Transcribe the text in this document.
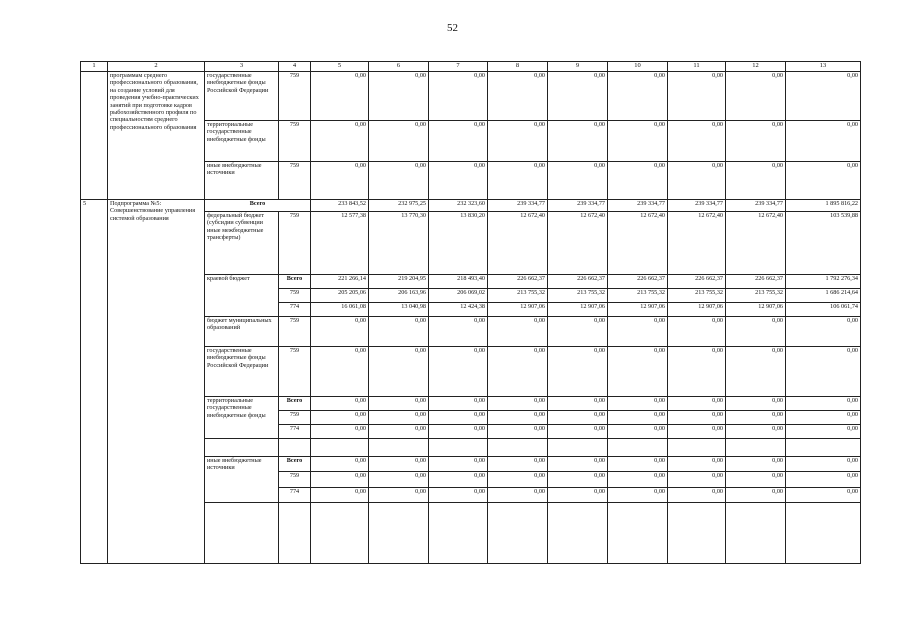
52
1	2	3	4	5	6	7	8	9	10	11	12	13
	программам среднего профессионального образования, на создание условий для проведения учебно-практических занятий при подготовке кадров рыбохозяйственного профиля по специальностям среднего профессионального образования	государственные внебюджетные фонды Российской Федерации	759	0,00	0,00	0,00	0,00	0,00	0,00	0,00	0,00	0,00
		территориальные государственные внебюджетные фонды	759	0,00	0,00	0,00	0,00	0,00	0,00	0,00	0,00	0,00
		иные внебюджетные источники	759	0,00	0,00	0,00	0,00	0,00	0,00	0,00	0,00	0,00
5	Подпрограмма №5: Совершенствование управления системой образования	Всего		233 843,52	232 975,25	232 323,60	239 334,77	239 334,77	239 334,77	239 334,77	239 334,77	1 895 816,22
		федеральный бюджет (субсидии субвенции иные межбюджетные трансферты)	759	12 577,38	13 770,30	13 830,20	12 672,40	12 672,40	12 672,40	12 672,40	12 672,40	103 539,88
		краевой бюджет	Всего	221 266,14	219 204,95	218 493,40	226 662,37	226 662,37	226 662,37	226 662,37	226 662,37	1 792 276,34
			759	205 205,06	206 163,96	206 069,02	213 755,32	213 755,32	213 755,32	213 755,32	213 755,32	1 686 214,64
			774	16 061,08	13 040,98	12 424,38	12 907,06	12 907,06	12 907,06	12 907,06	12 907,06	106 061,74
		бюджет муниципальных образований	759	0,00	0,00	0,00	0,00	0,00	0,00	0,00	0,00	0,00
		государственные внебюджетные фонды Российской Федерации	759	0,00	0,00	0,00	0,00	0,00	0,00	0,00	0,00	0,00
		территориальные государственные внебюджетные фонды	Всего	0,00	0,00	0,00	0,00	0,00	0,00	0,00	0,00	0,00
			759	0,00	0,00	0,00	0,00	0,00	0,00	0,00	0,00	0,00
			774	0,00	0,00	0,00	0,00	0,00	0,00	0,00	0,00	0,00

		иные внебюджетные источники	Всего	0,00	0,00	0,00	0,00	0,00	0,00	0,00	0,00	0,00
			759	0,00	0,00	0,00	0,00	0,00	0,00	0,00	0,00	0,00
			774	0,00	0,00	0,00	0,00	0,00	0,00	0,00	0,00	0,00
